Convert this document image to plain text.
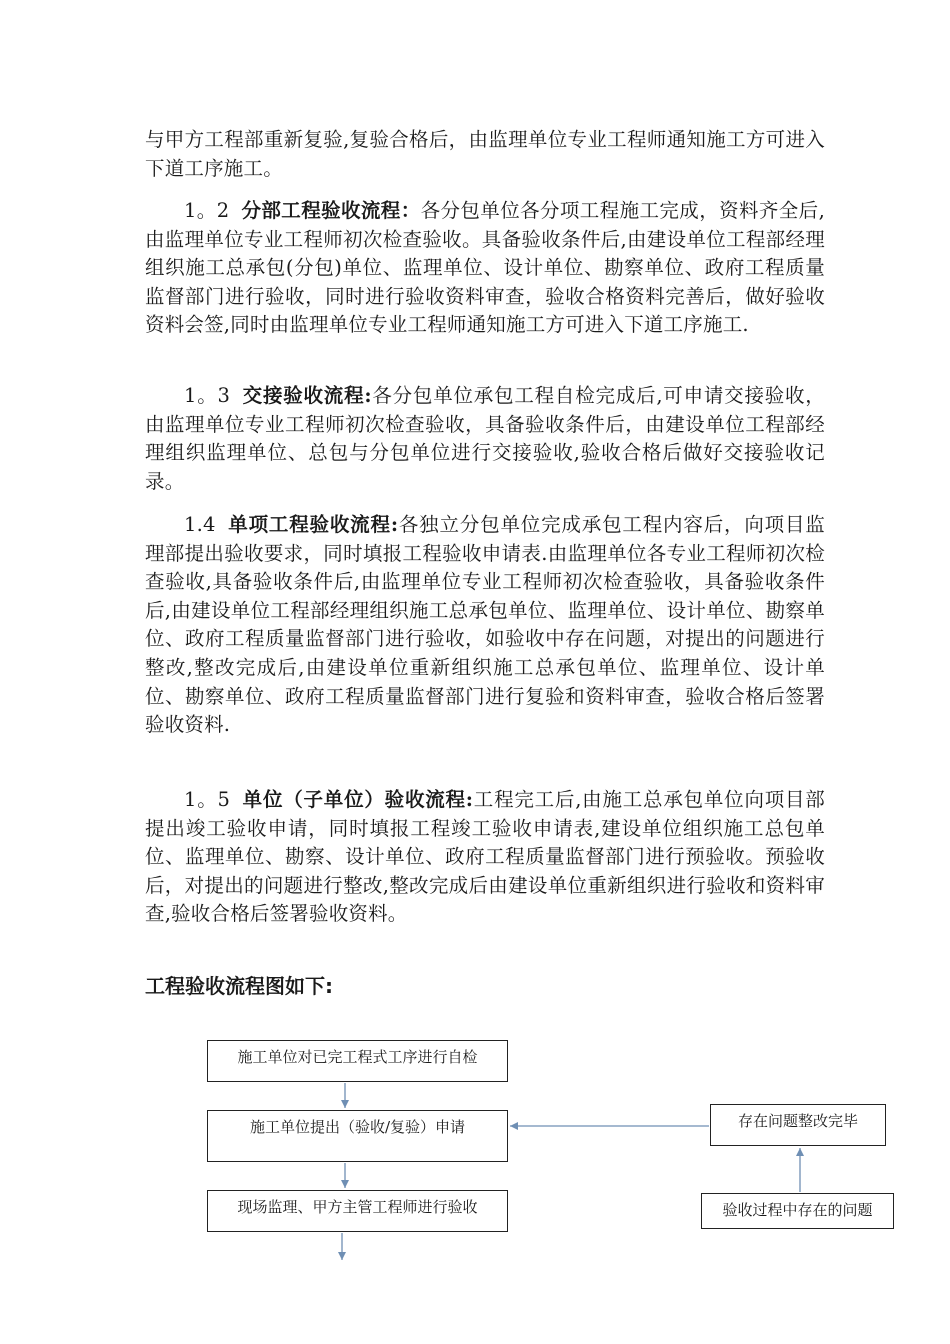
与甲方工程部重新复验,复验合格后，由监理单位专业工程师通知施工方可进入下道工序施工。

1。2 分部工程验收流程：各分包单位各分项工程施工完成，资料齐全后,由监理单位专业工程师初次检查验收。具备验收条件后,由建设单位工程部经理组织施工总承包(分包)单位、监理单位、设计单位、勘察单位、政府工程质量监督部门进行验收，同时进行验收资料审查，验收合格资料完善后，做好验收资料会签,同时由监理单位专业工程师通知施工方可进入下道工序施工.

1。3 交接验收流程:各分包单位承包工程自检完成后,可申请交接验收，由监理单位专业工程师初次检查验收，具备验收条件后，由建设单位工程部经理组织监理单位、总包与分包单位进行交接验收,验收合格后做好交接验收记录。

1.4 单项工程验收流程:各独立分包单位完成承包工程内容后，向项目监理部提出验收要求，同时填报工程验收申请表.由监理单位各专业工程师初次检查验收,具备验收条件后,由监理单位专业工程师初次检查验收，具备验收条件后,由建设单位工程部经理组织施工总承包单位、监理单位、设计单位、勘察单位、政府工程质量监督部门进行验收，如验收中存在问题，对提出的问题进行整改,整改完成后,由建设单位重新组织施工总承包单位、监理单位、设计单位、勘察单位、政府工程质量监督部门进行复验和资料审查，验收合格后签署验收资料.

1。5 单位（子单位）验收流程:工程完工后,由施工总承包单位向项目部提出竣工验收申请，同时填报工程竣工验收申请表,建设单位组织施工总包单位、监理单位、勘察、设计单位、政府工程质量监督部门进行预验收。预验收后，对提出的问题进行整改,整改完成后由建设单位重新组织进行验收和资料审查,验收合格后签署验收资料。

工程验收流程图如下:
施工单位对已完工程式工序进行自检
施工单位提出（验收/复验）申请
现场监理、甲方主管工程师进行验收
存在问题整改完毕
验收过程中存在的问题
